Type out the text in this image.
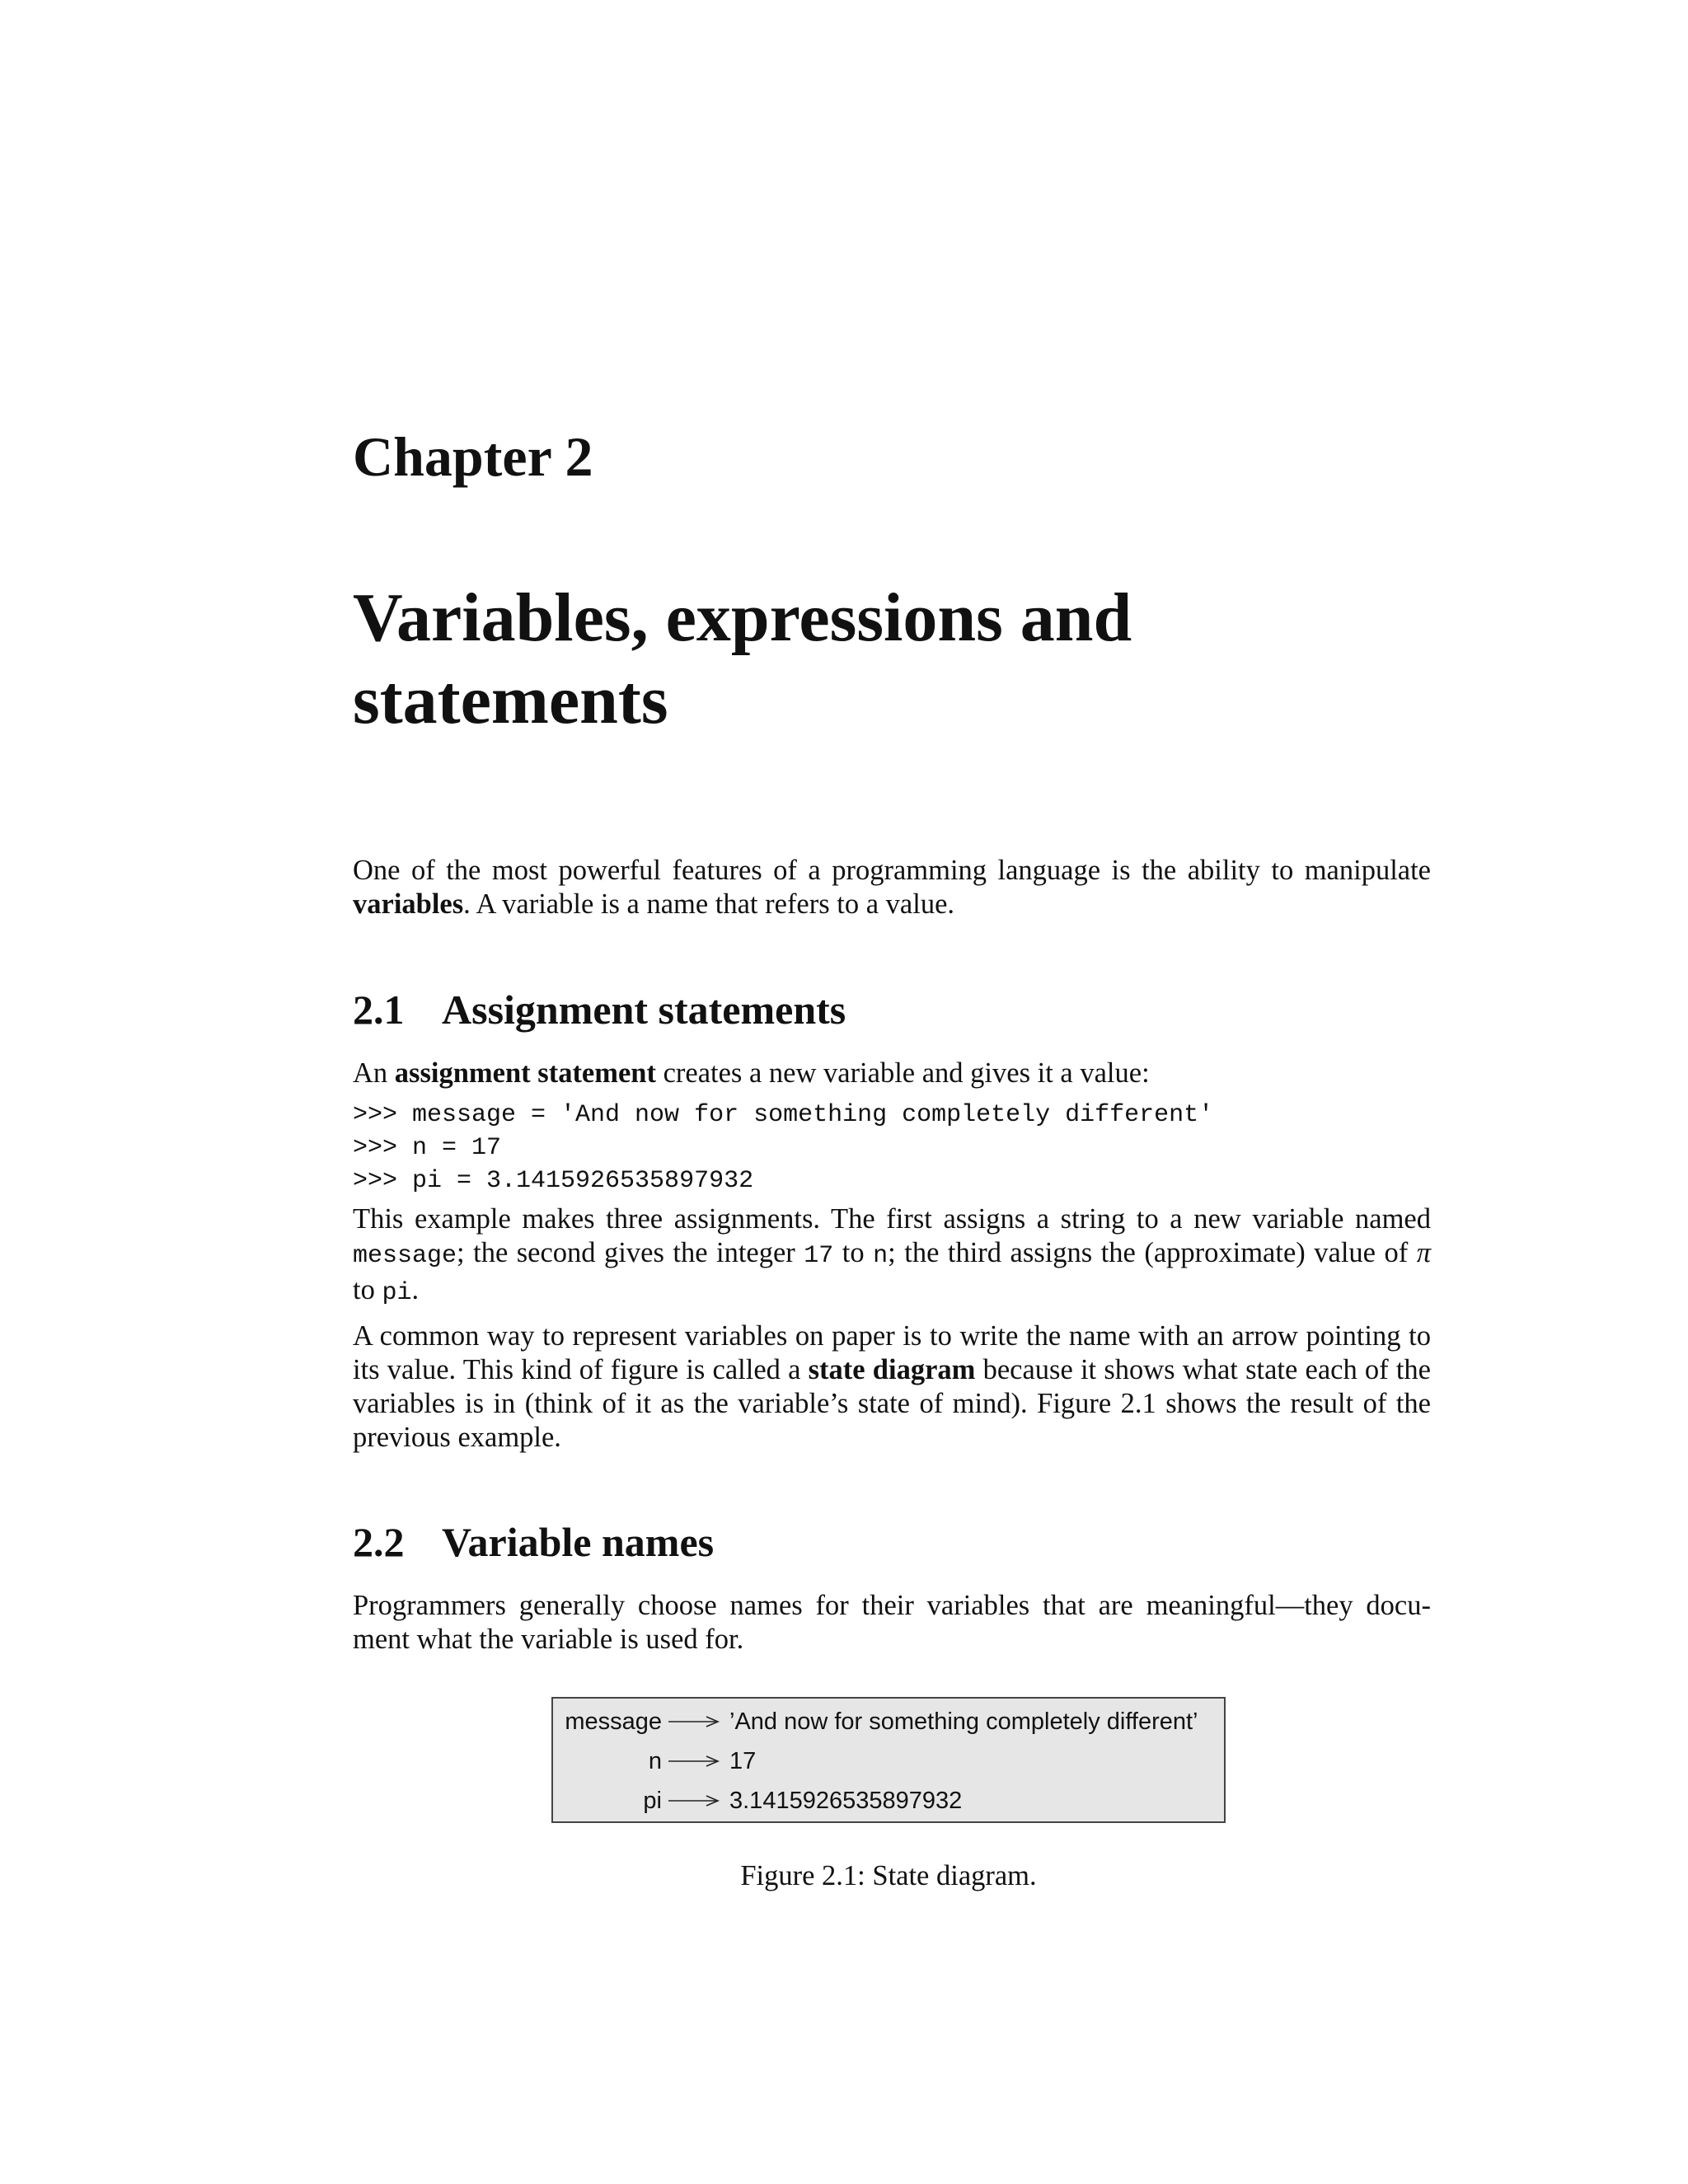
Chapter 2
Variables, expressions and statements
One of the most powerful features of a programming language is the ability to manipulate variables. A variable is a name that refers to a value.
2.1 Assignment statements
An assignment statement creates a new variable and gives it a value:
>>> message = 'And now for something completely different'
>>> n = 17
>>> pi = 3.1415926535897932
This example makes three assignments. The first assigns a string to a new variable named message; the second gives the integer 17 to n; the third assigns the (approximate) value of π to pi.
A common way to represent variables on paper is to write the name with an arrow pointing to its value. This kind of figure is called a state diagram because it shows what state each of the variables is in (think of it as the variable’s state of mind). Figure 2.1 shows the result of the previous example.
2.2 Variable names
Programmers generally choose names for their variables that are meaningful—they docu- ment what the variable is used for.
message	’And now for something completely different’
n	17
pi	3.1415926535897932
Figure 2.1: State diagram.
